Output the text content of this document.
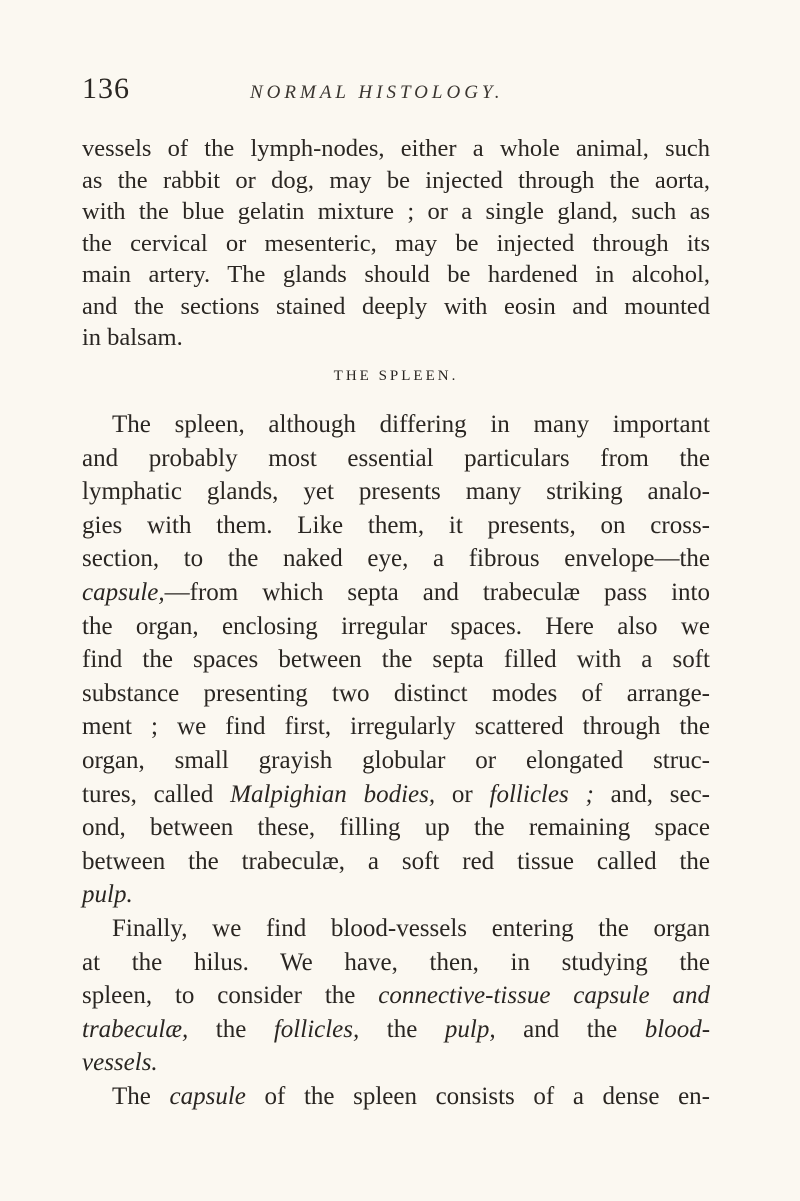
136	NORMAL HISTOLOGY.
vessels of the lymph-nodes, either a whole animal, such
as the rabbit or dog, may be injected through the aorta,
with the blue gelatin mixture ; or a single gland, such as
the cervical or mesenteric, may be injected through its
main artery. The glands should be hardened in alcohol,
and the sections stained deeply with eosin and mounted
in balsam.
THE SPLEEN.
The spleen, although differing in many important
and probably most essential particulars from the
lymphatic glands, yet presents many striking analo-
gies with them. Like them, it presents, on cross-
section, to the naked eye, a fibrous envelope—the
capsule,—from which septa and trabeculæ pass into
the organ, enclosing irregular spaces. Here also we
find the spaces between the septa filled with a soft
substance presenting two distinct modes of arrange-
ment ; we find first, irregularly scattered through the
organ, small grayish globular or elongated struc-
tures, called Malpighian bodies, or follicles ; and, sec-
ond, between these, filling up the remaining space
between the trabeculæ, a soft red tissue called the
pulp.
Finally, we find blood-vessels entering the organ
at the hilus. We have, then, in studying the
spleen, to consider the connective-tissue capsule and
trabeculæ, the follicles, the pulp, and the blood-
vessels.
The capsule of the spleen consists of a dense en-
